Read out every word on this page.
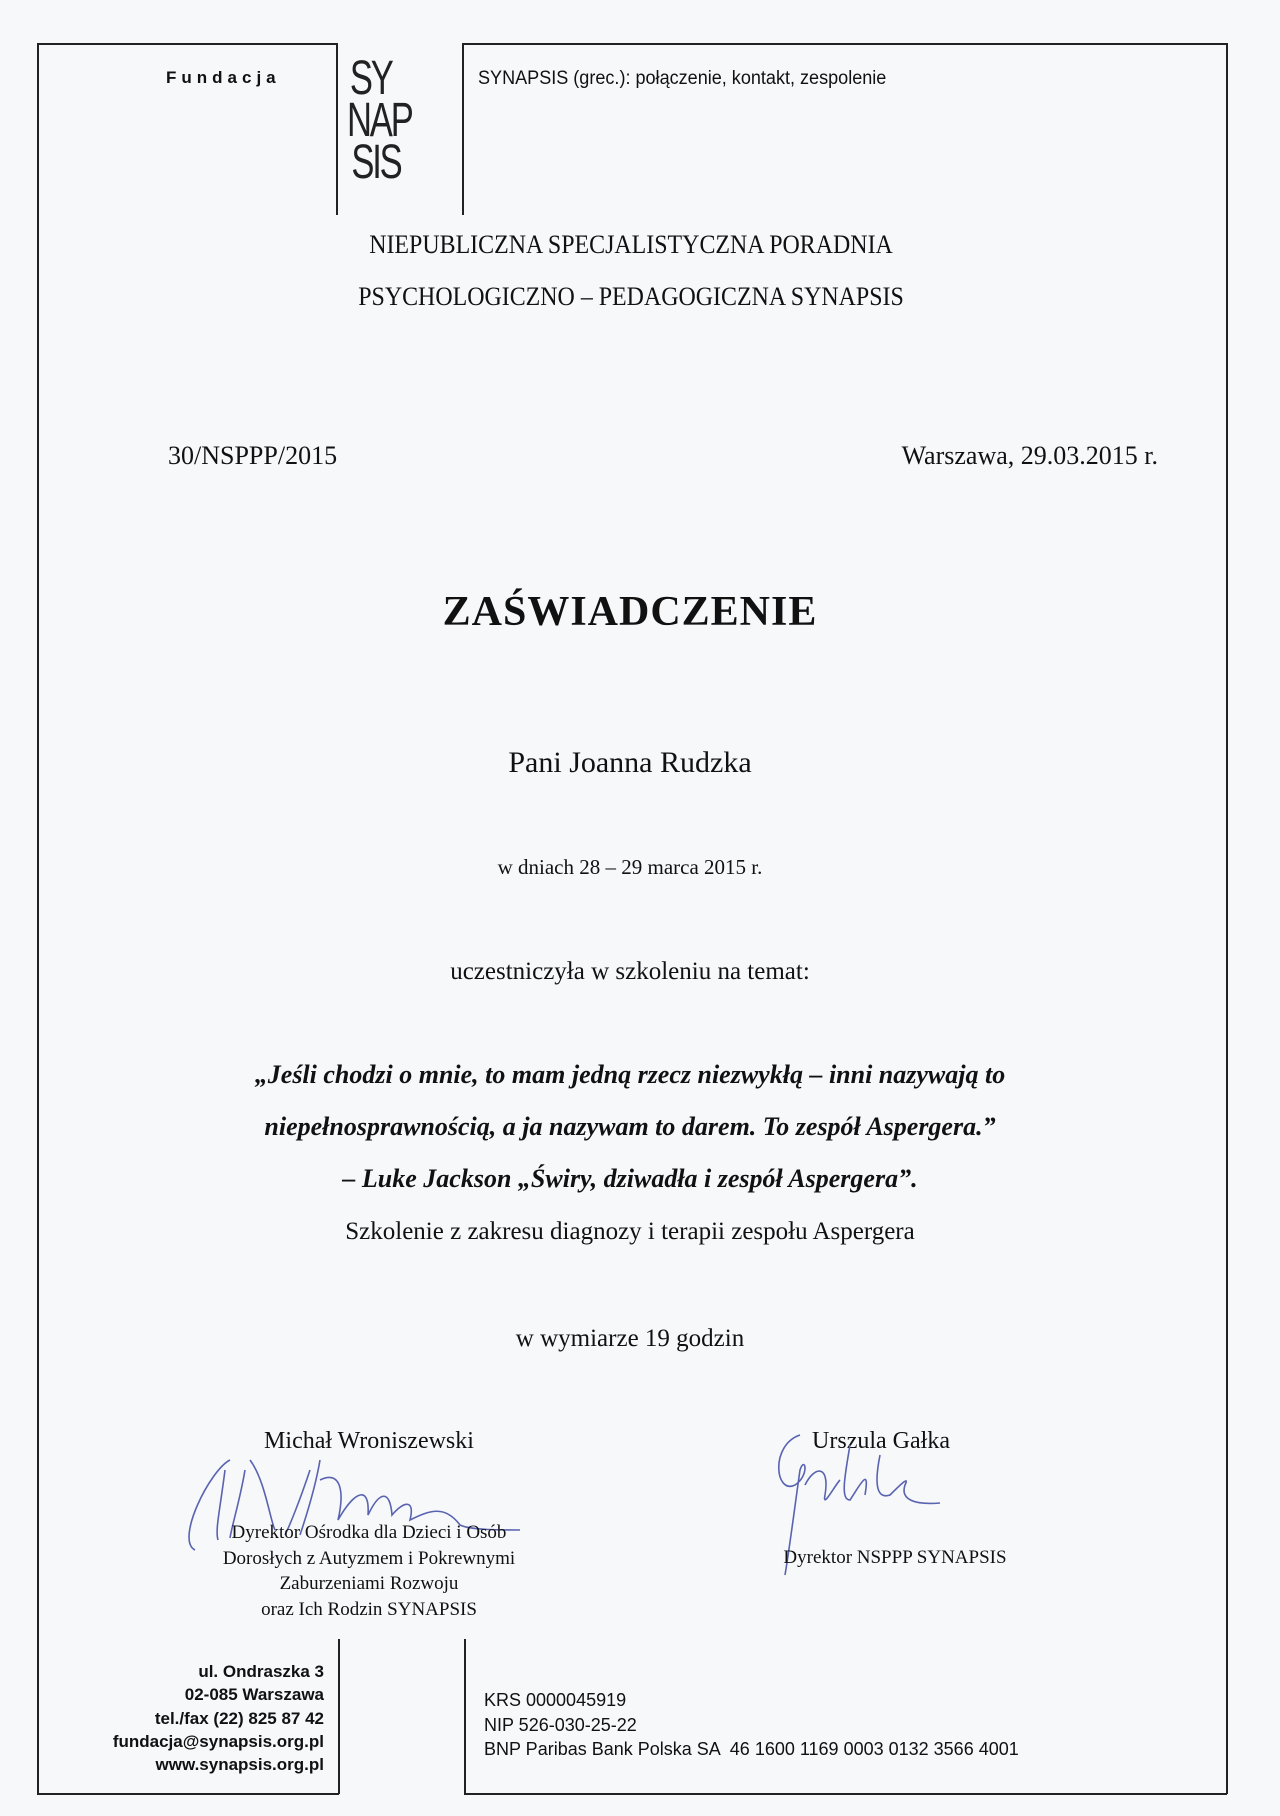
Fundacja SY
NAP
SIS
SYNAPSIS (grec.): połączenie, kontakt, zespolenie
NIEPUBLICZNA SPECJALISTYCZNA PORADNIA
PSYCHOLOGICZNO – PEDAGOGICZNA SYNAPSIS
30/NSPPP/2015	Warszawa, 29.03.2015 r.
ZAŚWIADCZENIE
Pani Joanna Rudzka
w dniach 28 – 29 marca 2015 r.
uczestniczyła w szkoleniu na temat:
„Jeśli chodzi o mnie, to mam jedną rzecz niezwykłą – inni nazywają to
niepełnosprawnością, a ja nazywam to darem. To zespół Aspergera.”
– Luke Jackson „Świry, dziwadła i zespół Aspergera”.
Szkolenie z zakresu diagnozy i terapii zespołu Aspergera
w wymiarze 19 godzin
Michał Wroniszewski
Dyrektor Ośrodka dla Dzieci i Osób
Dorosłych z Autyzmem i Pokrewnymi
Zaburzeniami Rozwoju
oraz Ich Rodzin SYNAPSIS
Urszula Gałka
Dyrektor NSPPP SYNAPSIS
ul. Ondraszka 3
02-085 Warszawa
tel./fax (22) 825 87 42
fundacja@synapsis.org.pl
www.synapsis.org.pl
KRS 0000045919
NIP 526-030-25-22
BNP Paribas Bank Polska SA  46 1600 1169 0003 0132 3566 4001
